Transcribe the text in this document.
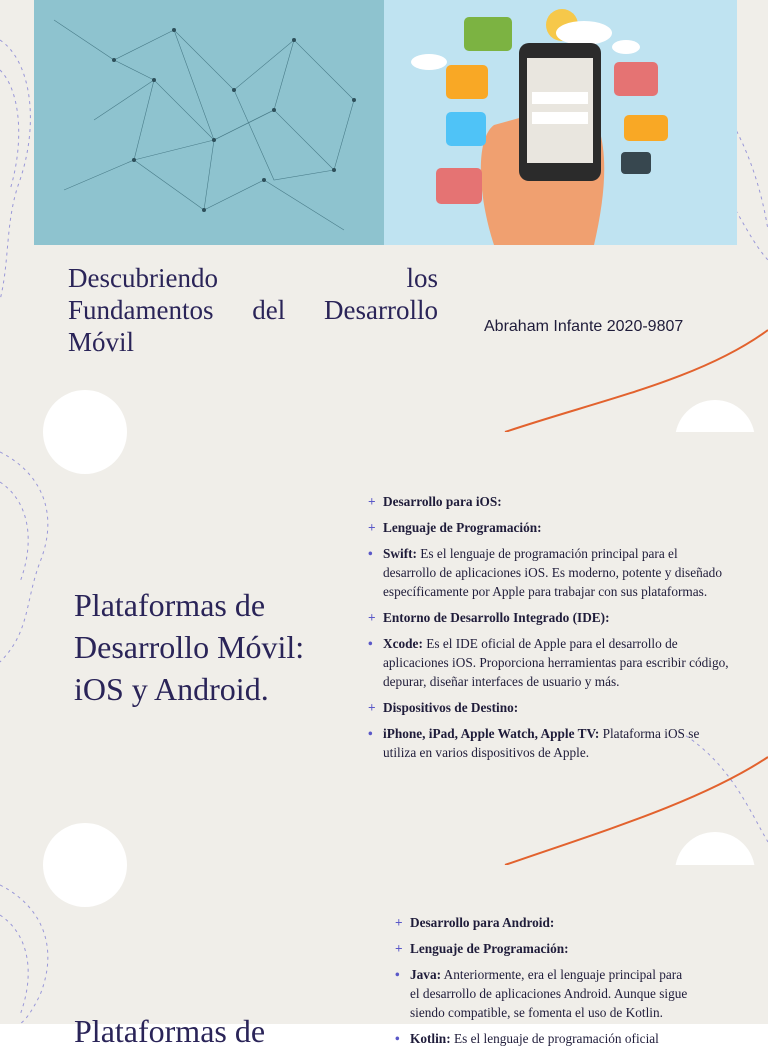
Descubriendo los
Fundamentos del Desarrollo
Móvil
Abraham Infante 2020-9807
Plataformas de Desarrollo Móvil: iOS y Android.
+ Desarrollo para iOS:
+ Lenguaje de Programación:
• Swift: Es el lenguaje de programación principal para el desarrollo de aplicaciones iOS. Es moderno, potente y diseñado específicamente por Apple para trabajar con sus plataformas.
+ Entorno de Desarrollo Integrado (IDE):
• Xcode: Es el IDE oficial de Apple para el desarrollo de aplicaciones iOS. Proporciona herramientas para escribir código, depurar, diseñar interfaces de usuario y más.
+ Dispositivos de Destino:
• iPhone, iPad, Apple Watch, Apple TV: Plataforma iOS se utiliza en varios dispositivos de Apple.
+ Desarrollo para Android:
+ Lenguaje de Programación:
• Java: Anteriormente, era el lenguaje principal para el desarrollo de aplicaciones Android. Aunque sigue siendo compatible, se fomenta el uso de Kotlin.
• Kotlin: Es el lenguaje de programación oficial
Plataformas de
